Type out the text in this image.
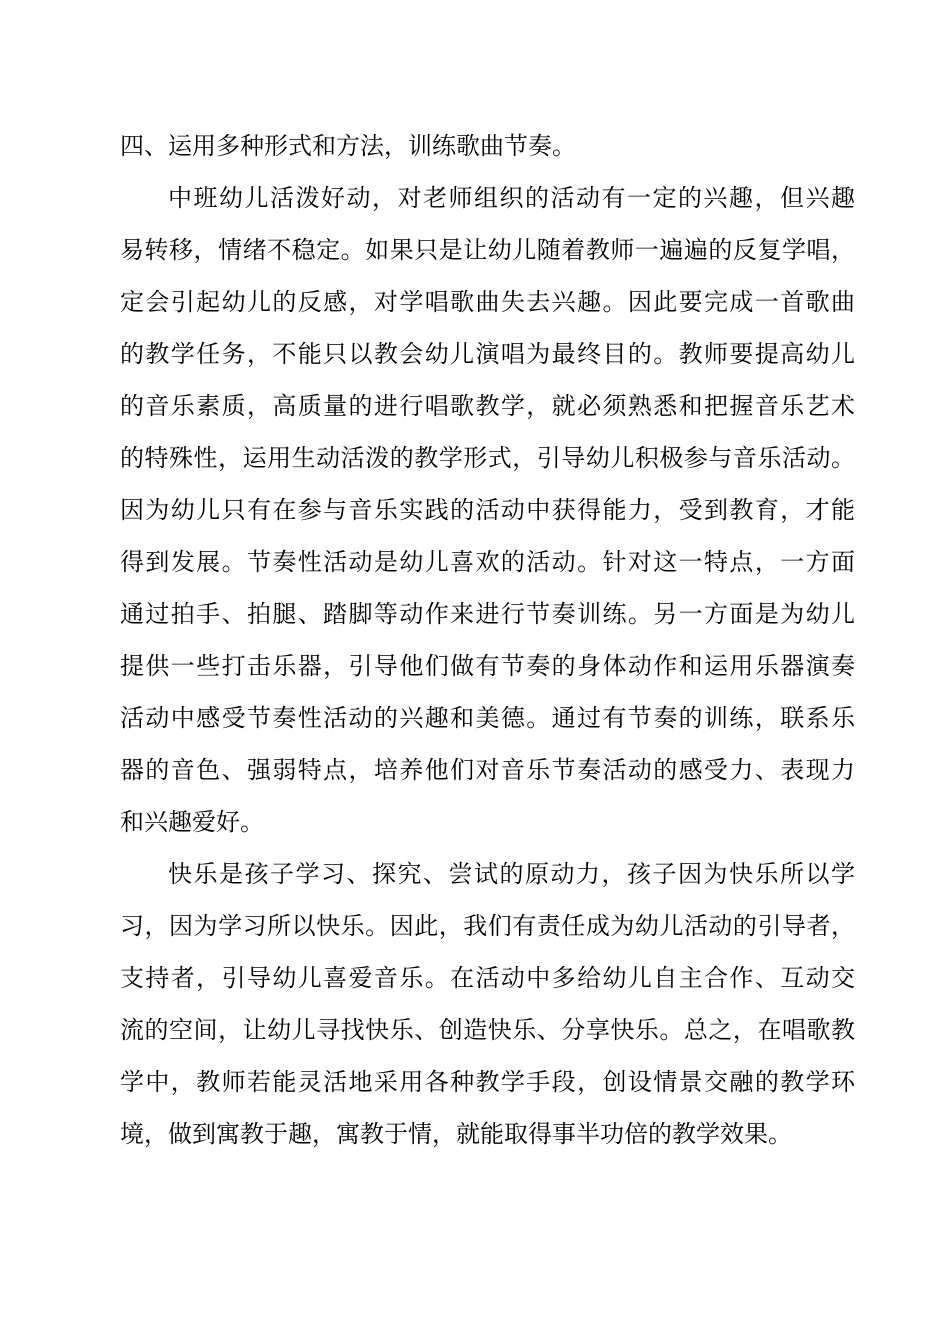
四、运用多种形式和方法，训练歌曲节奏。
中班幼儿活泼好动，对老师组织的活动有一定的兴趣，但兴趣
易转移，情绪不稳定。如果只是让幼儿随着教师一遍遍的反复学唱，
定会引起幼儿的反感，对学唱歌曲失去兴趣。因此要完成一首歌曲
的教学任务，不能只以教会幼儿演唱为最终目的。教师要提高幼儿
的音乐素质，高质量的进行唱歌教学，就必须熟悉和把握音乐艺术
的特殊性，运用生动活泼的教学形式，引导幼儿积极参与音乐活动。
因为幼儿只有在参与音乐实践的活动中获得能力，受到教育，才能
得到发展。节奏性活动是幼儿喜欢的活动。针对这一特点，一方面
通过拍手、拍腿、踏脚等动作来进行节奏训练。另一方面是为幼儿
提供一些打击乐器，引导他们做有节奏的身体动作和运用乐器演奏
活动中感受节奏性活动的兴趣和美德。通过有节奏的训练，联系乐
器的音色、强弱特点，培养他们对音乐节奏活动的感受力、表现力
和兴趣爱好。
快乐是孩子学习、探究、尝试的原动力，孩子因为快乐所以学
习，因为学习所以快乐。因此，我们有责任成为幼儿活动的引导者，
支持者，引导幼儿喜爱音乐。在活动中多给幼儿自主合作、互动交
流的空间，让幼儿寻找快乐、创造快乐、分享快乐。总之，在唱歌教
学中，教师若能灵活地采用各种教学手段，创设情景交融的教学环
境，做到寓教于趣，寓教于情，就能取得事半功倍的教学效果。
